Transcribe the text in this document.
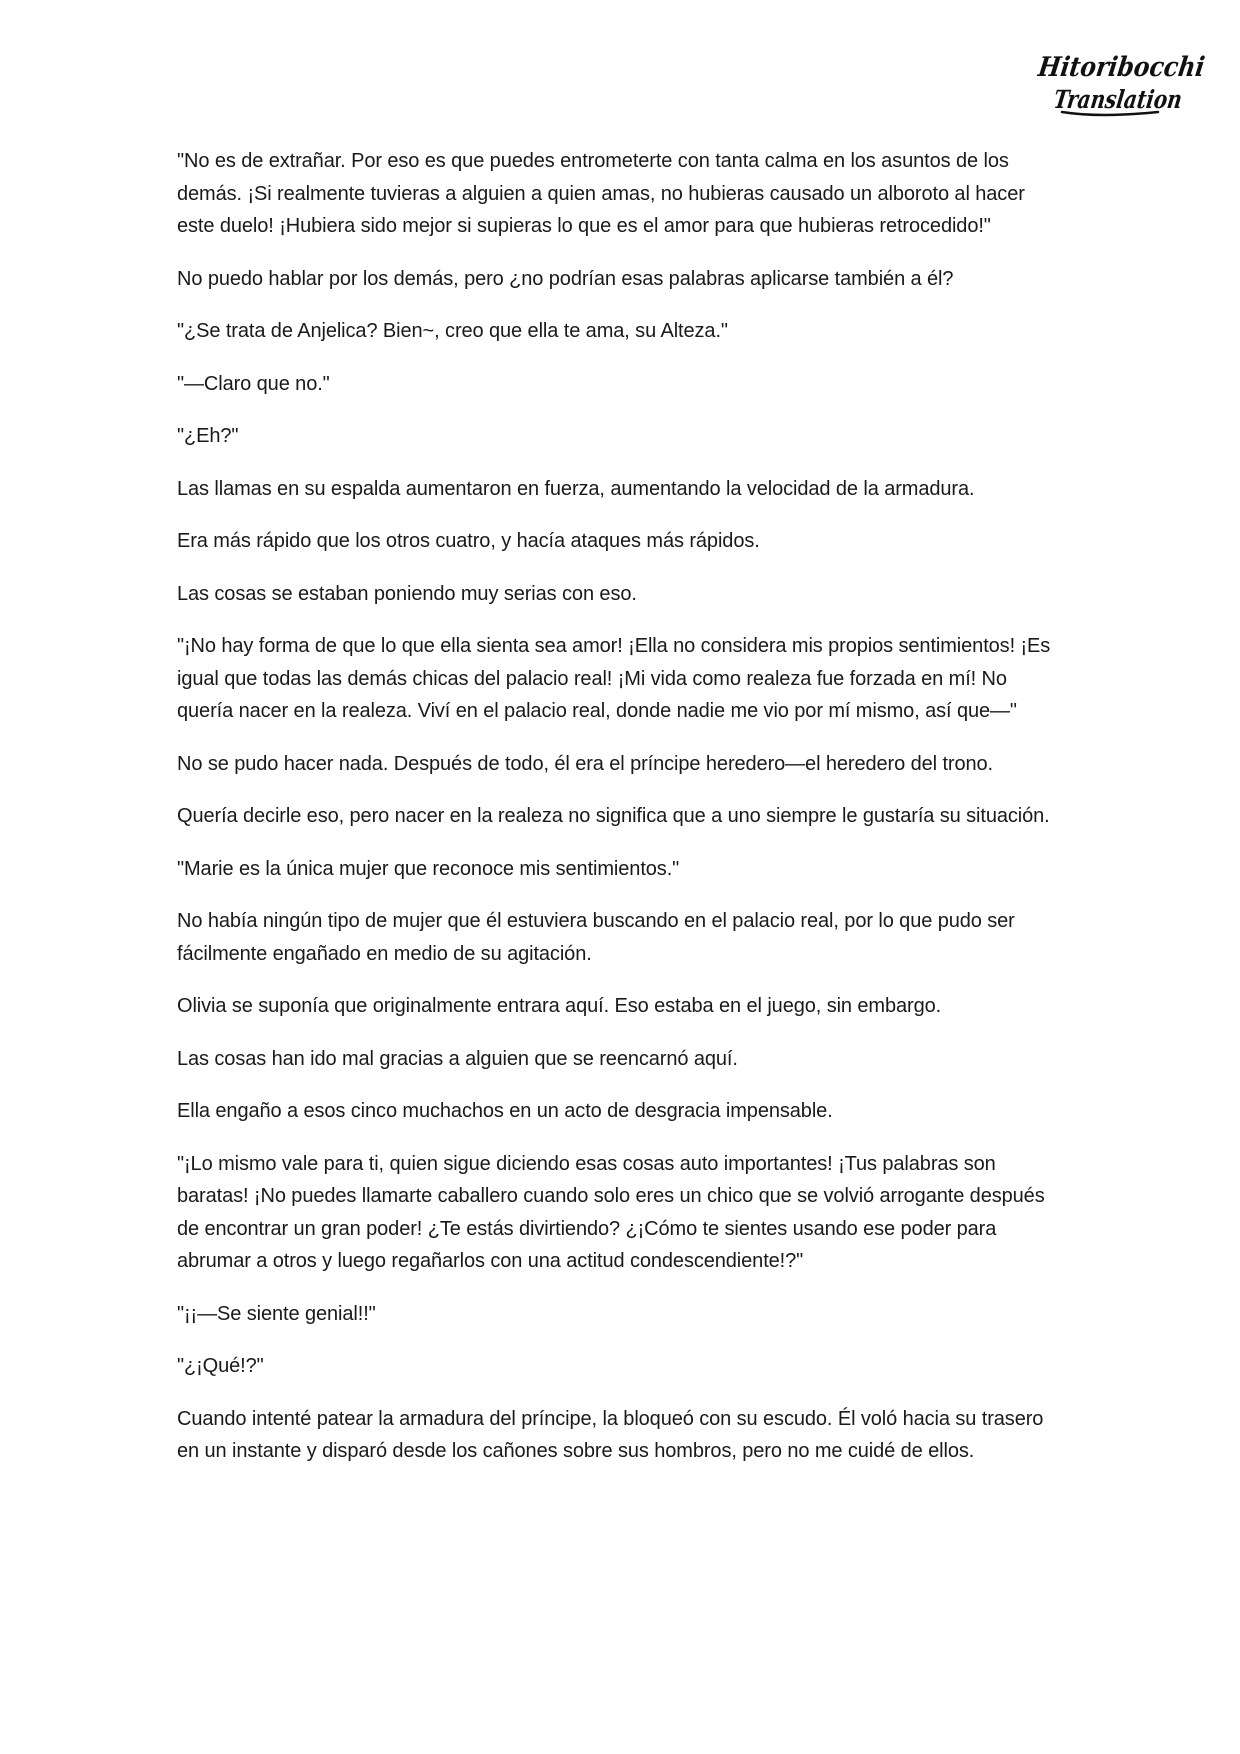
Hitoribocchi
Translation

"No es de extrañar. Por eso es que puedes entrometerte con tanta calma en los asuntos de los demás. ¡Si realmente tuvieras a alguien a quien amas, no hubieras causado un alboroto al hacer este duelo! ¡Hubiera sido mejor si supieras lo que es el amor para que hubieras retrocedido!"

No puedo hablar por los demás, pero ¿no podrían esas palabras aplicarse también a él?

"¿Se trata de Anjelica? Bien~, creo que ella te ama, su Alteza."

"—Claro que no."

"¿Eh?"

Las llamas en su espalda aumentaron en fuerza, aumentando la velocidad de la armadura.

Era más rápido que los otros cuatro, y hacía ataques más rápidos.

Las cosas se estaban poniendo muy serias con eso.

"¡No hay forma de que lo que ella sienta sea amor! ¡Ella no considera mis propios sentimientos! ¡Es igual que todas las demás chicas del palacio real! ¡Mi vida como realeza fue forzada en mí! No quería nacer en la realeza. Viví en el palacio real, donde nadie me vio por mí mismo, así que—"

No se pudo hacer nada. Después de todo, él era el príncipe heredero—el heredero del trono.

Quería decirle eso, pero nacer en la realeza no significa que a uno siempre le gustaría su situación.

"Marie es la única mujer que reconoce mis sentimientos."

No había ningún tipo de mujer que él estuviera buscando en el palacio real, por lo que pudo ser fácilmente engañado en medio de su agitación.

Olivia se suponía que originalmente entrara aquí. Eso estaba en el juego, sin embargo.

Las cosas han ido mal gracias a alguien que se reencarnó aquí.

Ella engaño a esos cinco muchachos en un acto de desgracia impensable.

"¡Lo mismo vale para ti, quien sigue diciendo esas cosas auto importantes! ¡Tus palabras son baratas! ¡No puedes llamarte caballero cuando solo eres un chico que se volvió arrogante después de encontrar un gran poder! ¿Te estás divirtiendo? ¿¡Cómo te sientes usando ese poder para abrumar a otros y luego regañarlos con una actitud condescendiente!?"

"¡¡—Se siente genial!!"

"¿¡Qué!?"

Cuando intenté patear la armadura del príncipe, la bloqueó con su escudo. Él voló hacia su trasero en un instante y disparó desde los cañones sobre sus hombros, pero no me cuidé de ellos.
